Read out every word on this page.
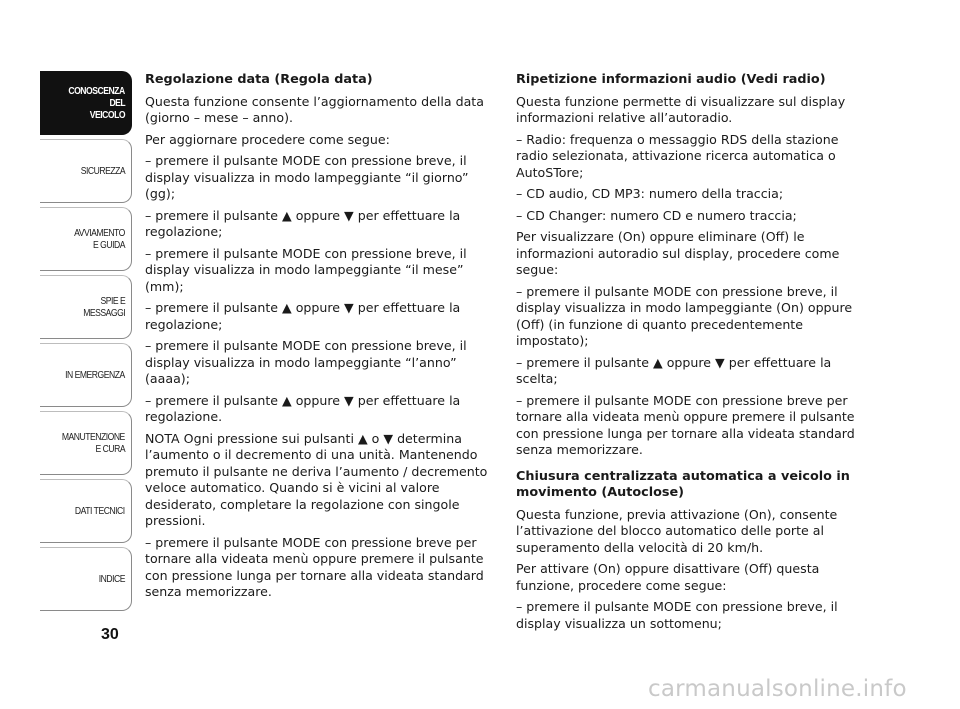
CONOSCENZA
DEL
VEICOLO
SICUREZZA
AVVIAMENTO
E GUIDA
SPIE E
MESSAGGI
IN EMERGENZA
MANUTENZIONE
E CURA
DATI TECNICI
INDICE
30
Regolazione data (Regola data)

Questa funzione consente l’aggiornamento della data (giorno – mese – anno).

Per aggiornare procedere come segue:

– premere il pulsante MODE con pressione breve, il display visualizza in modo lampeggiante “il giorno” (gg);

– premere il pulsante ▲ oppure ▼ per effettuare la regolazione;

– premere il pulsante MODE con pressione breve, il display visualizza in modo lampeggiante “il mese” (mm);

– premere il pulsante ▲ oppure ▼ per effettuare la regolazione;

– premere il pulsante MODE con pressione breve, il display visualizza in modo lampeggiante “l’anno” (aaaa);

– premere il pulsante ▲ oppure ▼ per effettuare la regolazione.

NOTA Ogni pressione sui pulsanti ▲ o ▼ determina l’aumento o il decremento di una unità. Mantenendo premuto il pulsante ne deriva l’aumento / decremento veloce automatico. Quando si è vicini al valore desiderato, completare la regolazione con singole pressioni.

– premere il pulsante MODE con pressione breve per tornare alla videata menù oppure premere il pulsante con pressione lunga per tornare alla videata standard senza memorizzare.

Ripetizione informazioni audio (Vedi radio)

Questa funzione permette di visualizzare sul display informazioni relative all’autoradio.

– Radio: frequenza o messaggio RDS della stazione radio selezionata, attivazione ricerca automatica o AutoSTore;

– CD audio, CD MP3: numero della traccia;

– CD Changer: numero CD e numero traccia;

Per visualizzare (On) oppure eliminare (Off) le informazioni autoradio sul display, procedere come segue:

– premere il pulsante MODE con pressione breve, il display visualizza in modo lampeggiante (On) oppure (Off) (in funzione di quanto precedentemente impostato);

– premere il pulsante ▲ oppure ▼ per effettuare la scelta;

– premere il pulsante MODE con pressione breve per tornare alla videata menù oppure premere il pulsante con pressione lunga per tornare alla videata standard senza memorizzare.

Chiusura centralizzata automatica a veicolo in movimento (Autoclose)

Questa funzione, previa attivazione (On), consente l’attivazione del blocco automatico delle porte al superamento della velocità di 20 km/h.

Per attivare (On) oppure disattivare (Off) questa funzione, procedere come segue:

– premere il pulsante MODE con pressione breve, il display visualizza un sottomenu;

carmanualsonline.info
